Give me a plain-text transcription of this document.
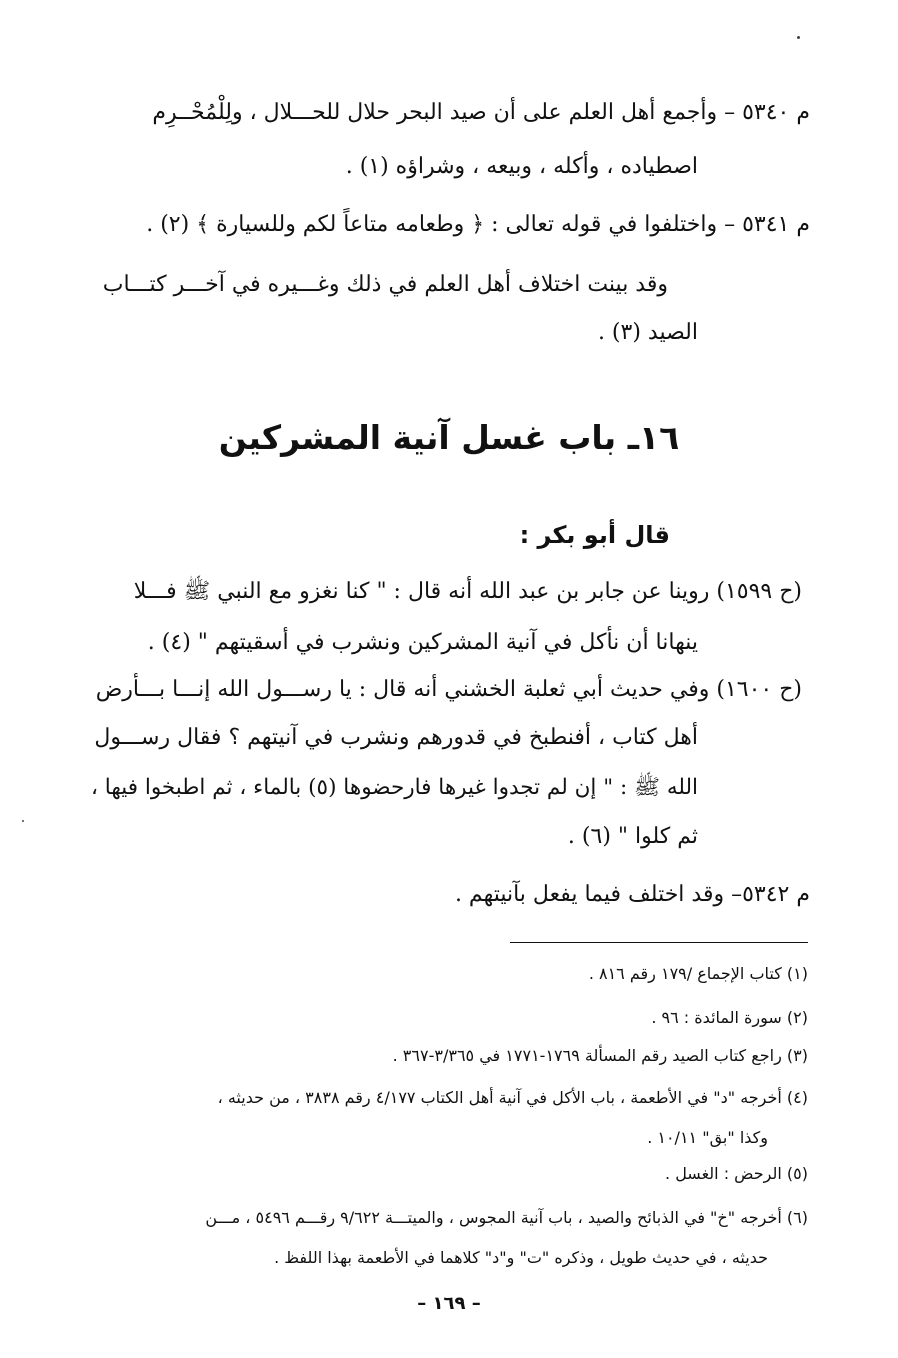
م ٥٣٤٠ – وأجمع أهل العلم على أن صيد البحر حلال للحـــلال ، ولِلْمُحْــرِم
اصطياده ، وأكله ، وبيعه ، وشراؤه (١) .
م ٥٣٤١ – واختلفوا في قوله تعالى : ﴿ وطعامه متاعاً لكم وللسيارة ﴾ (٢) .
وقد بينت اختلاف أهل العلم في ذلك وغـــيره في آخـــر كتـــاب
الصيد (٣) .
١٦ـ باب غسل آنية المشركين
قال أبو بكر :
(ح ١٥٩٩) روينا عن جابر بن عبد الله أنه قال : " كنا نغزو مع النبي ﷺ فـــلا
ينهانا أن نأكل في آنية المشركين ونشرب في أسقيتهم " (٤) .
(ح ١٦٠٠) وفي حديث أبي ثعلبة الخشني أنه قال : يا رســـول الله إنـــا بـــأرض
أهل كتاب ، أفنطبخ في قدورهم ونشرب في آنيتهم ؟ فقال رســـول
الله ﷺ : " إن لم تجدوا غيرها فارحضوها (٥) بالماء ، ثم اطبخوا فيها ،
ثم كلوا " (٦) .
م ٥٣٤٢– وقد اختلف فيما يفعل بآنيتهم .
(١) كتاب الإجماع /١٧٩ رقم ٨١٦ .
(٢) سورة المائدة : ٩٦ .
(٣) راجع كتاب الصيد رقم المسألة ١٧٦٩-١٧٧١ في ٣/٣٦٥-٣٦٧ .
(٤) أخرجه "د" في الأطعمة ، باب الأكل في آنية أهل الكتاب ٤/١٧٧ رقم ٣٨٣٨ ، من حديثه ،
وكذا "بق" ١٠/١١ .
(٥) الرحض : الغسل .
(٦) أخرجه "خ" في الذبائح والصيد ، باب آنية المجوس ، والميتـــة ٩/٦٢٢ رقـــم ٥٤٩٦ ، مـــن
حديثه ، في حديث طويل ، وذكره "ت" و"د" كلاهما في الأطعمة بهذا اللفظ .
– ١٦٩ –
